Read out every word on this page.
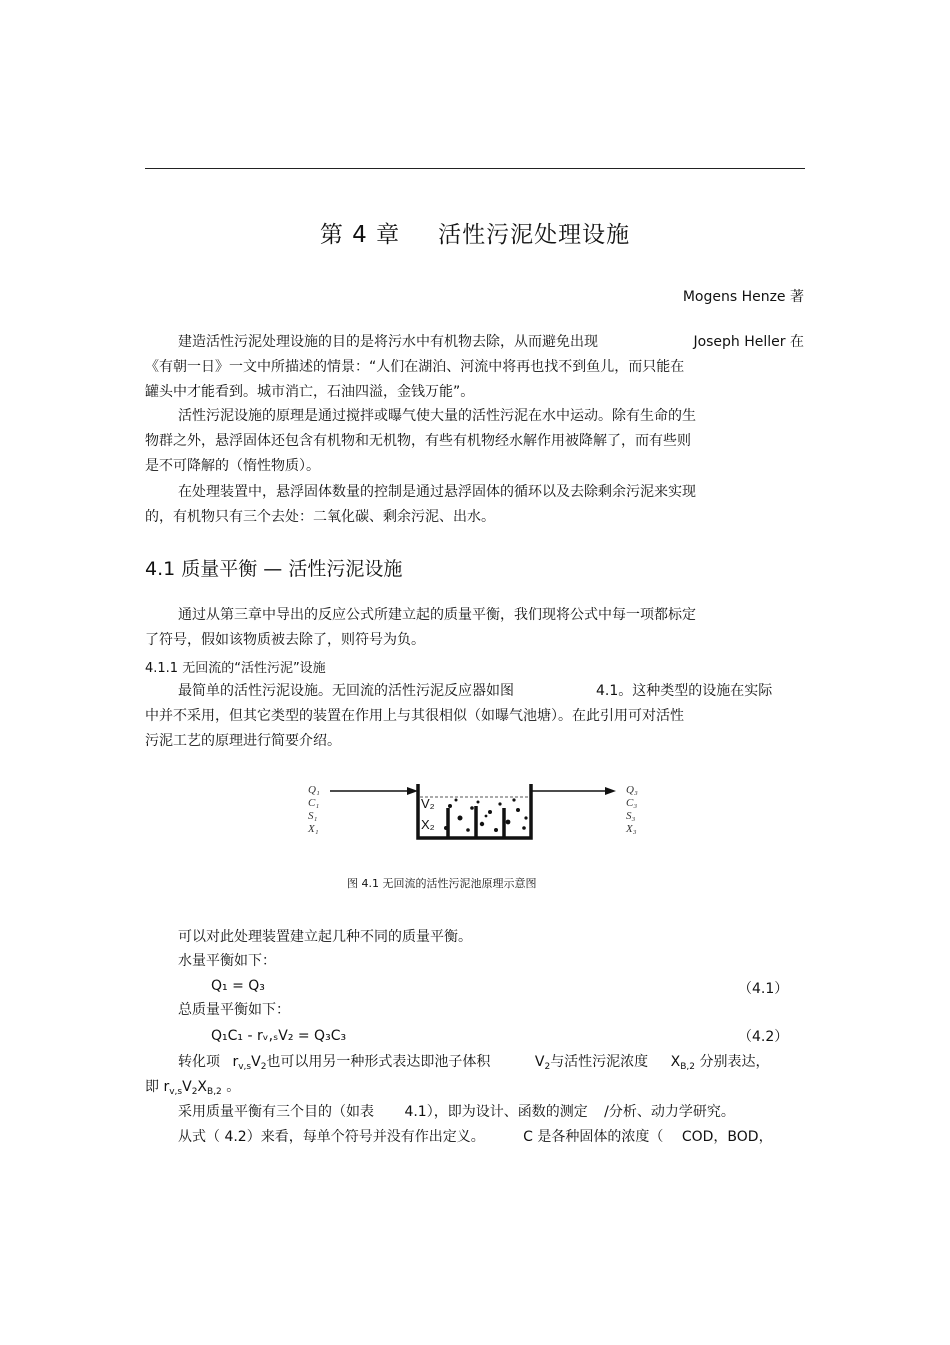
第 4 章 活性污泥处理设施
Mogens Henze 著
建造活性污泥处理设施的目的是将污水中有机物去除，从而避免出现	Joseph Heller 在
《有朝一日》一文中所描述的情景：“人们在湖泊、河流中将再也找不到鱼儿，而只能在
罐头中才能看到。城市消亡，石油四溢，金钱万能”。
活性污泥设施的原理是通过搅拌或曝气使大量的活性污泥在水中运动。除有生命的生
物群之外，悬浮固体还包含有机物和无机物，有些有机物经水解作用被降解了，而有些则
是不可降解的（惰性物质）。
在处理装置中，悬浮固体数量的控制是通过悬浮固体的循环以及去除剩余污泥来实现
的，有机物只有三个去处：二氧化碳、剩余污泥、出水。
4.1 质量平衡 — 活性污泥设施
通过从第三章中导出的反应公式所建立起的质量平衡，我们现将公式中每一项都标定
了符号，假如该物质被去除了，则符号为负。
4.1.1 无回流的“活性污泥”设施
最简单的活性污泥设施。无回流的活性污泥反应器如图	4.1。这种类型的设施在实际
中并不采用，但其它类型的装置在作用上与其很相似（如曝气池塘）。在此引用可对活性
污泥工艺的原理进行简要介绍。
Q₁
C₁
S₁
X₁
Q₃
C₃
S₃
X₃
V₂
X₂
图 4.1 无回流的活性污泥池原理示意图
可以对此处理装置建立起几种不同的质量平衡。
水量平衡如下：
Q₁ = Q₃	（4.1）
总质量平衡如下：
Q₁C₁ - rᵥ,ₛV₂ = Q₃C₃	（4.2）
转化项 $r_{v,s}V_2$也可以用另一种形式表达即池子体积	$V_2$与活性污泥浓度 $X_{B,2}$ 分别表达，
即 $r_{v,s}V_2X_{B,2}$ 。
采用质量平衡有三个目的（如表 4.1），即为设计、函数的测定 /分析、动力学研究。
从式（ 4.2）来看，每单个符号并没有作出定义。	C 是各种固体的浓度（ COD，BOD，
